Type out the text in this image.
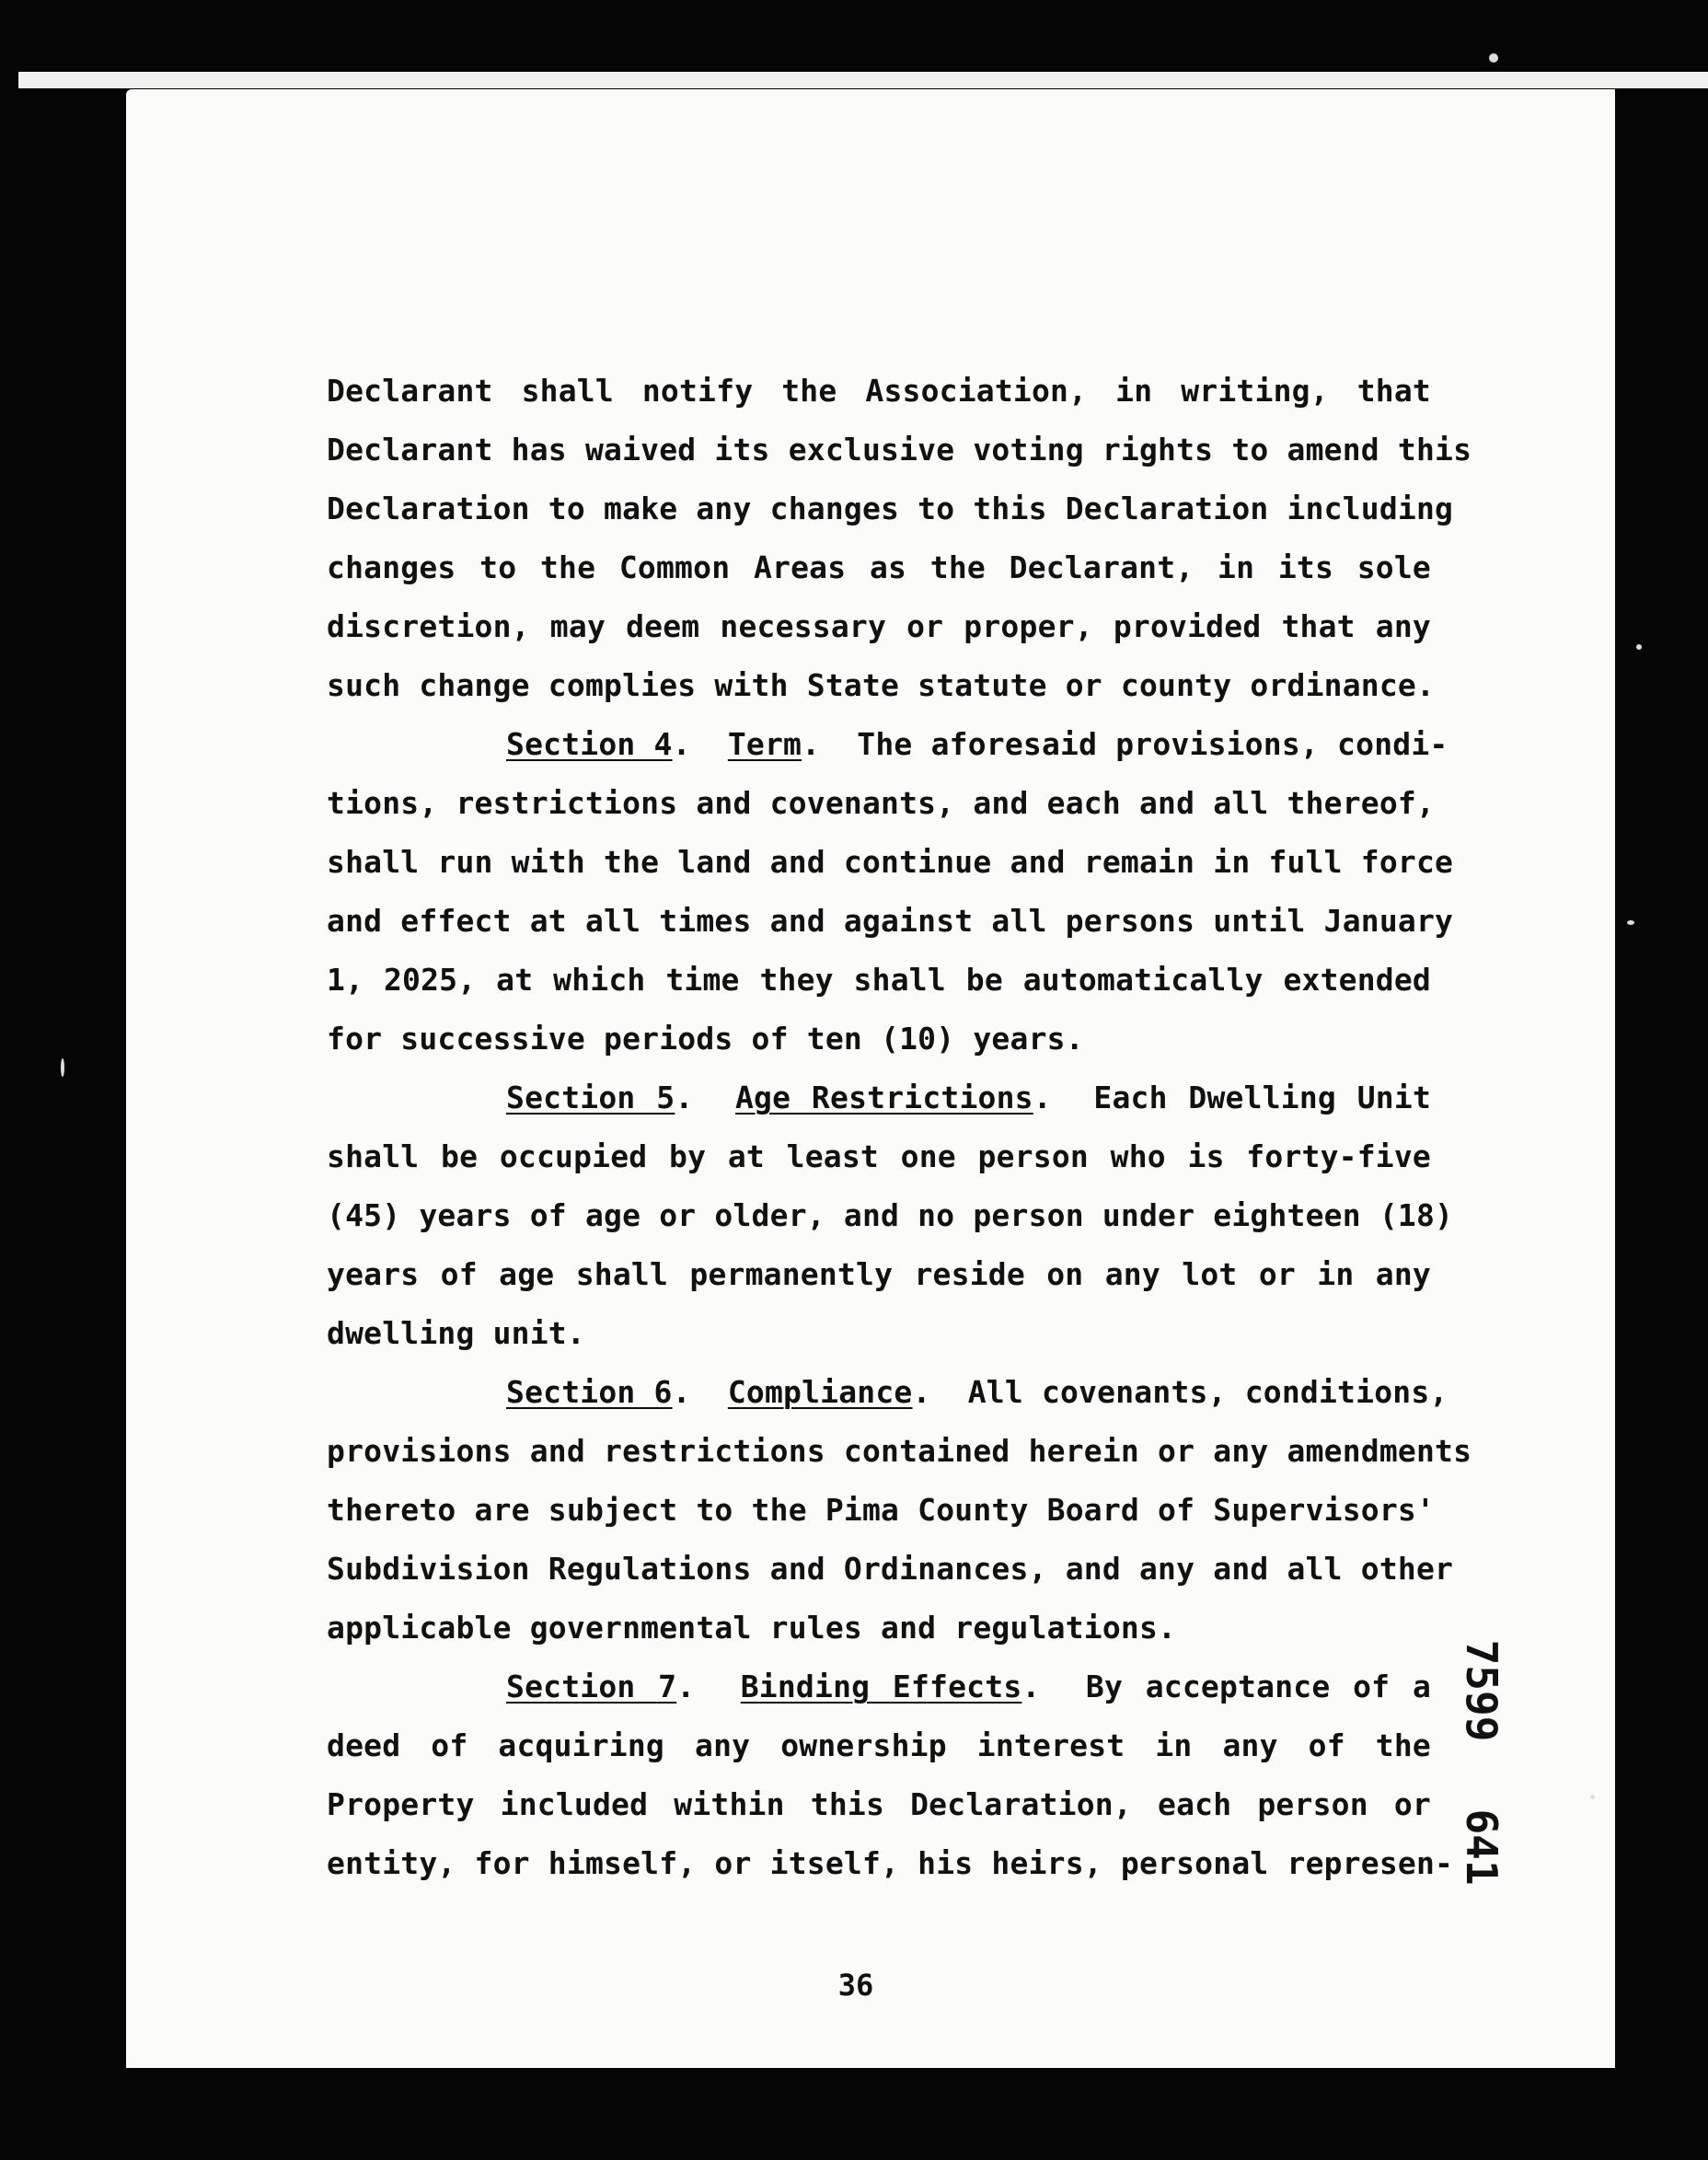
Declarant shall notify the Association, in writing, that
Declarant has waived its exclusive voting rights to amend this
Declaration to make any changes to this Declaration including
changes to the Common Areas as the Declarant, in its sole
discretion, may deem necessary or proper, provided that any
such change complies with State statute or county ordinance.
Section 4.  Term.  The aforesaid provisions, condi-
tions, restrictions and covenants, and each and all thereof,
shall run with the land and continue and remain in full force
and effect at all times and against all persons until January
1, 2025, at which time they shall be automatically extended
for successive periods of ten (10) years.
Section 5.  Age Restrictions.  Each Dwelling Unit
shall be occupied by at least one person who is forty-five
(45) years of age or older, and no person under eighteen (18)
years of age shall permanently reside on any lot or in any
dwelling unit.
Section 6.  Compliance.  All covenants, conditions,
provisions and restrictions contained herein or any amendments
thereto are subject to the Pima County Board of Supervisors'
Subdivision Regulations and Ordinances, and any and all other
applicable governmental rules and regulations.
Section 7.  Binding Effects.  By acceptance of a
deed of acquiring any ownership interest in any of the
Property included within this Declaration, each person or
entity, for himself, or itself, his heirs, personal represen-
36
7599
641
